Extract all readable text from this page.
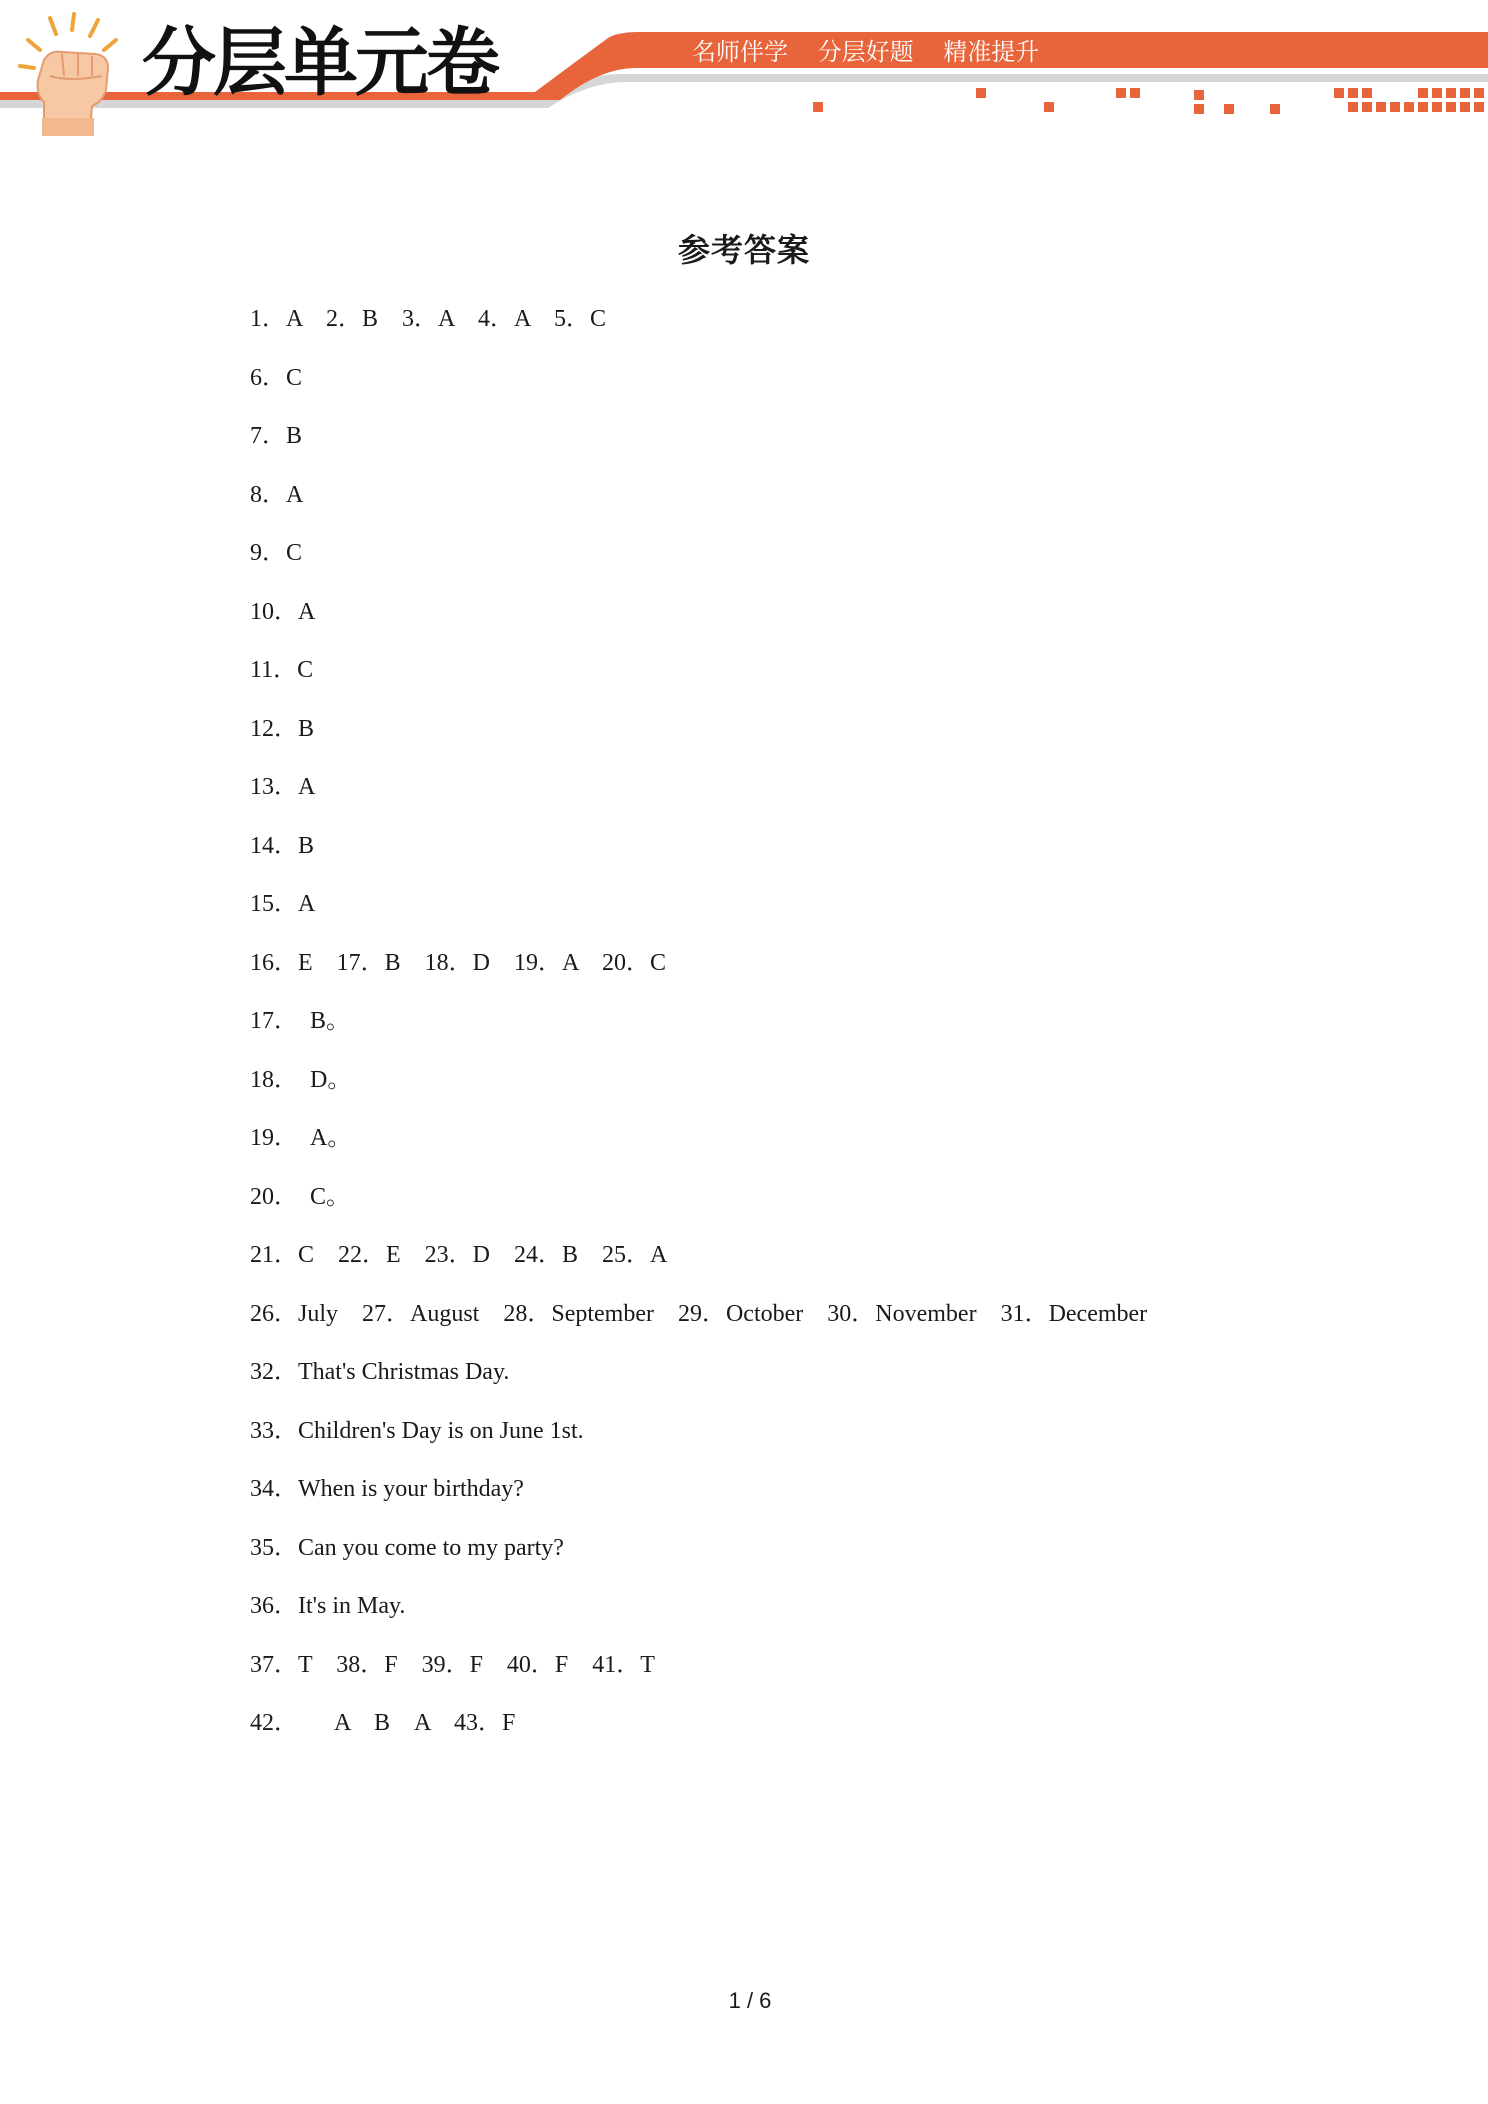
分层单元卷	名师伴学 分层好题 精准提升
参考答案
1．A　2．B　3．A　4．A　5．C
6．C
7．B
8．A
9．C
10．A
11．C
12．B
13．A
14．B
15．A
16．E　17．B　18．D　19．A　20．C
17．　B。
18．　D。
19．　A。
20．　C。
21．C　22．E　23．D　24．B　25．A
26．July　27．August　28．September　29．October　30．November　31．December
32．That's Christmas Day.
33．Children's Day is on June 1st.
34．When is your birthday?
35．Can you come to my party?
36．It's in May.
37．T　38．F　39．F　40．F　41．T
42．　　A　B　A　43．F
1 / 6
